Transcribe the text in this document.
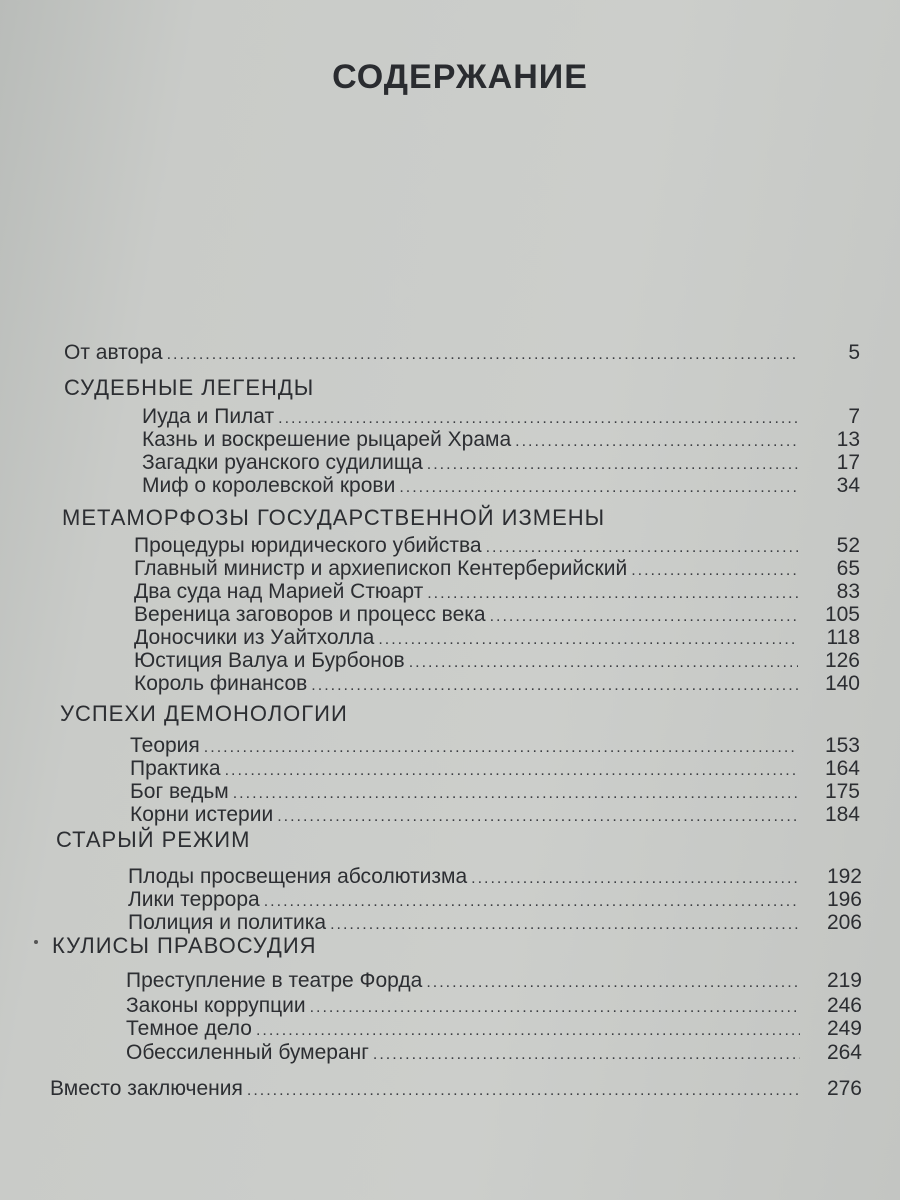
СОДЕРЖАНИЕ
От автора .....	5
СУДЕБНЫЕ ЛЕГЕНДЫ
Иуда и Пилат .....	7
Казнь и воскрешение рыцарей Храма .....	13
Загадки руанского судилища .....	17
Миф о королевской крови .....	34
МЕТАМОРФОЗЫ ГОСУДАРСТВЕННОЙ ИЗМЕНЫ
Процедуры юридического убийства .....	52
Главный министр и архиепископ Кентерберийский .....	65
Два суда над Марией Стюарт .....	83
Вереница заговоров и процесс века .....	105
Доносчики из Уайтхолла .....	118
Юстиция Валуа и Бурбонов .....	126
Король финансов .....	140
УСПЕХИ ДЕМОНОЛОГИИ
Теория .....	153
Практика .....	164
Бог ведьм .....	175
Корни истерии .....	184
СТАРЫЙ РЕЖИМ
Плоды просвещения абсолютизма .....	192
Лики террора .....	196
Полиция и политика .....	206
КУЛИСЫ ПРАВОСУДИЯ
Преступление в театре Форда .....	219
Законы коррупции .....	246
Темное дело .....	249
Обессиленный бумеранг .....	264
Вместо заключения .....	276
